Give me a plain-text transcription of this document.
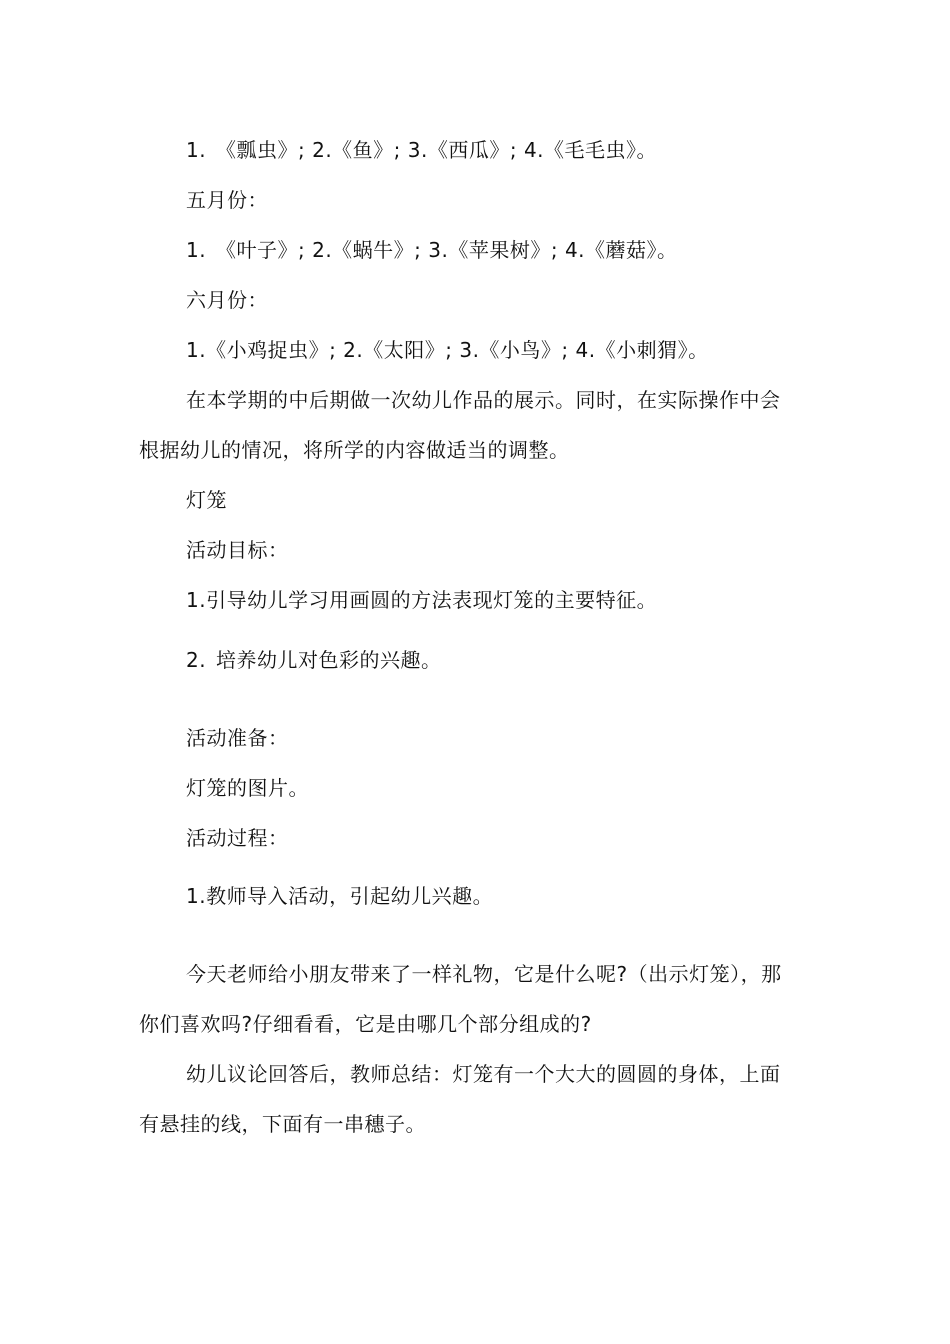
1. 《瓢虫》; 2.《鱼》; 3.《西瓜》; 4.《毛毛虫》。
五月份：
1. 《叶子》; 2.《蜗牛》; 3.《苹果树》; 4.《蘑菇》。
六月份：
1.《小鸡捉虫》; 2.《太阳》; 3.《小鸟》; 4.《小刺猬》。
在本学期的中后期做一次幼儿作品的展示。同时，在实际操作中会
根据幼儿的情况，将所学的内容做适当的调整。
灯笼
活动目标：
1.引导幼儿学习用画圆的方法表现灯笼的主要特征。
2. 培养幼儿对色彩的兴趣。
活动准备：
灯笼的图片。
活动过程：
1.教师导入活动，引起幼儿兴趣。
今天老师给小朋友带来了一样礼物，它是什么呢?（出示灯笼），那
你们喜欢吗?仔细看看，它是由哪几个部分组成的?
幼儿议论回答后，教师总结：灯笼有一个大大的圆圆的身体，上面
有悬挂的线，下面有一串穗子。
